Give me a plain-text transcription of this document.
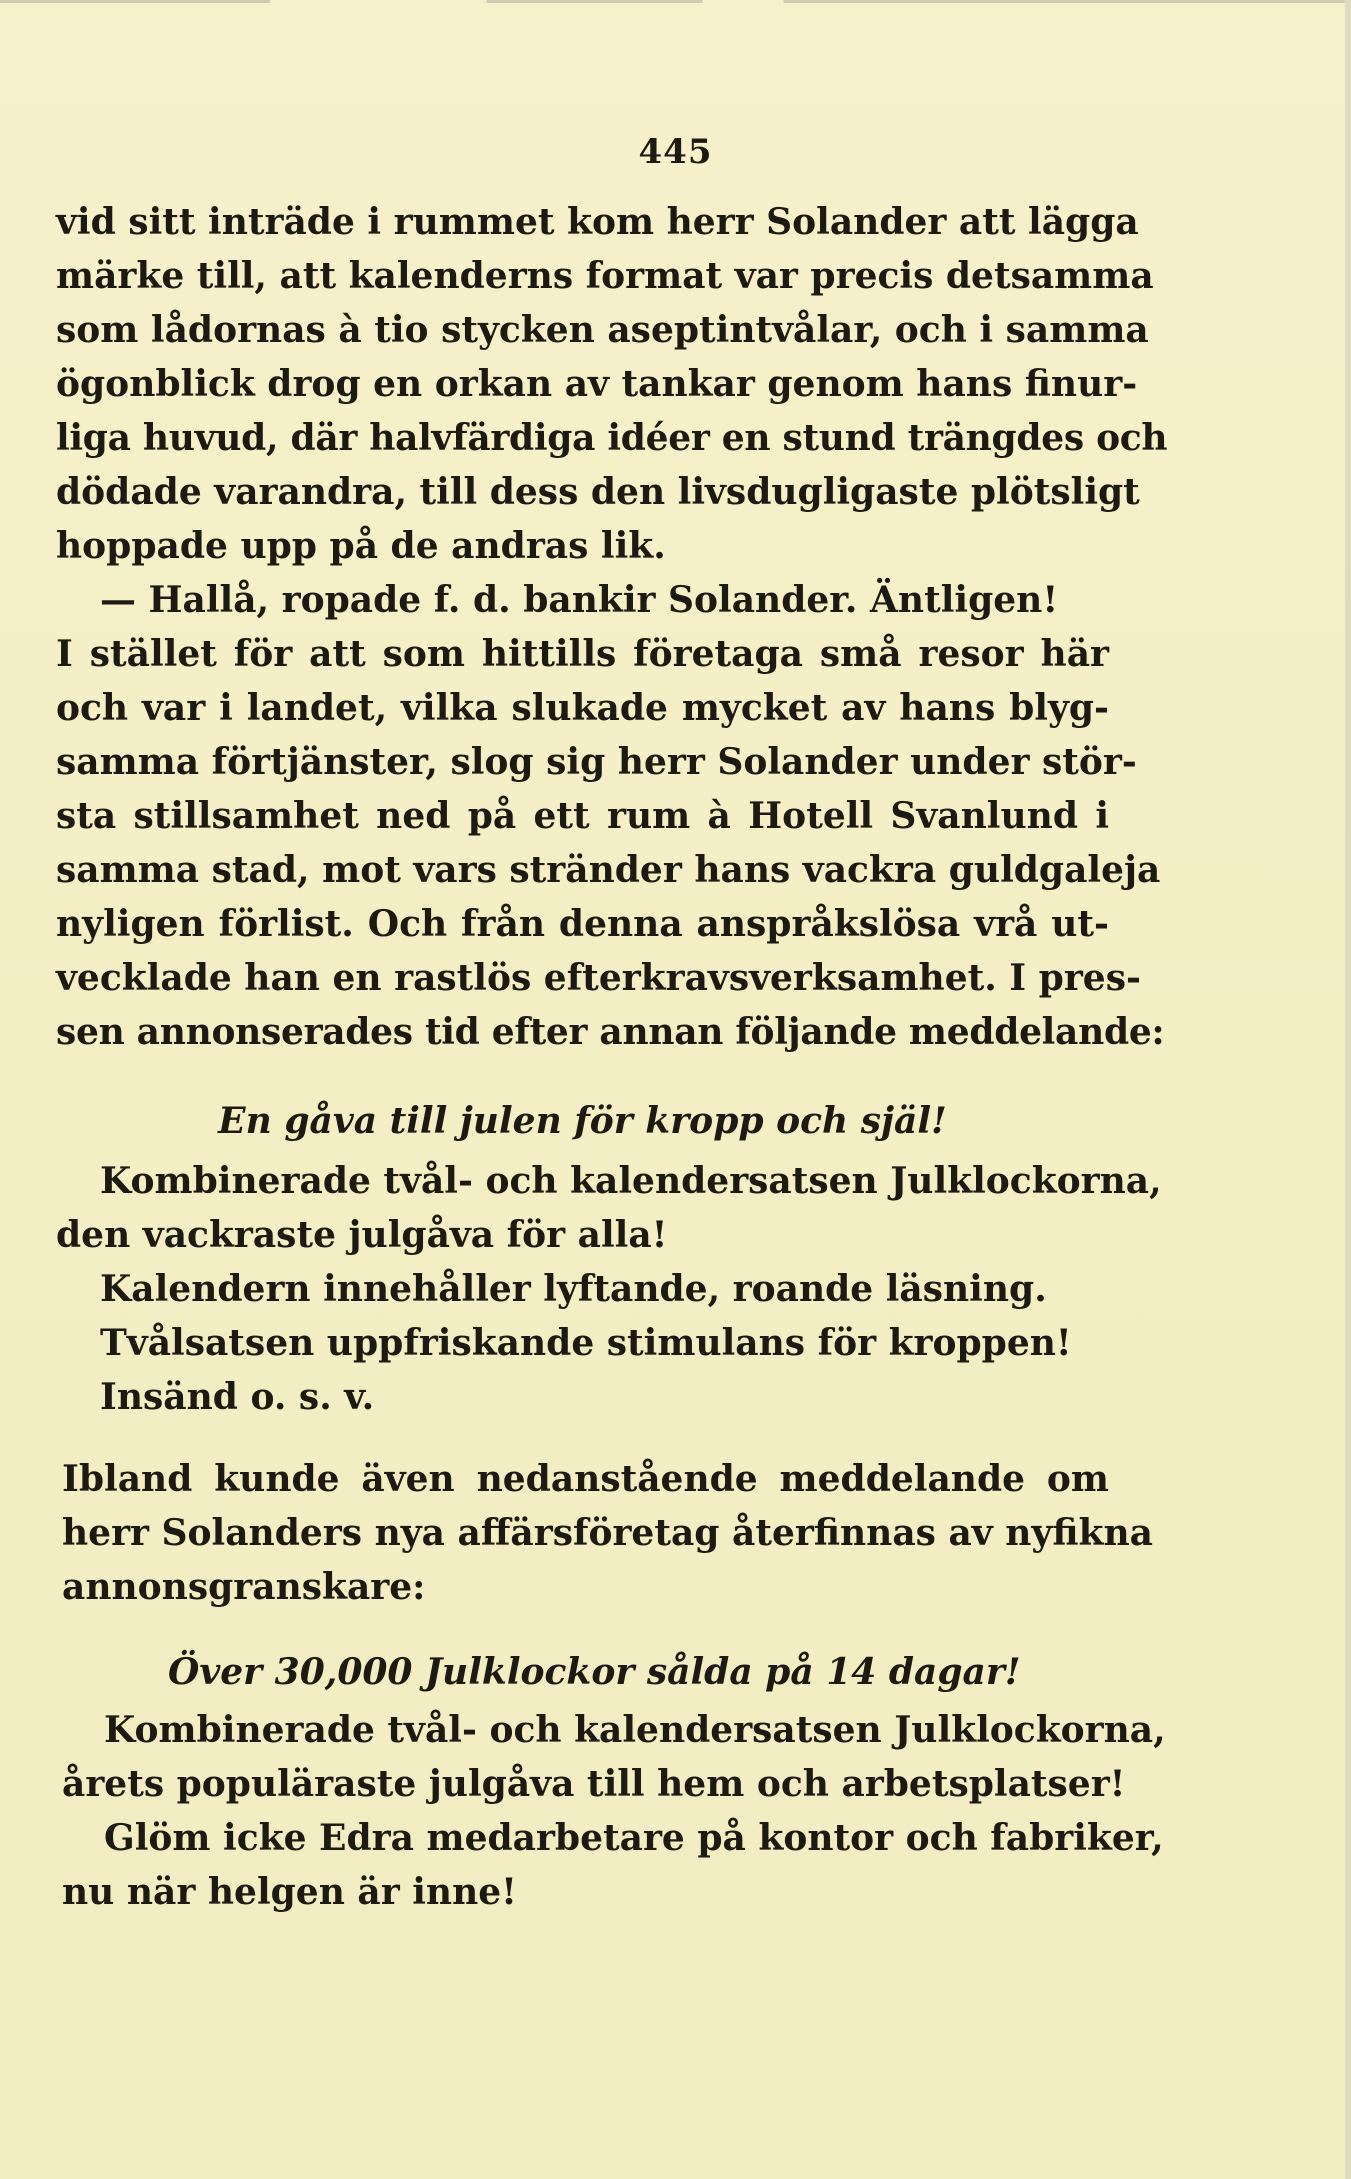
445
vid sitt inträde i rummet kom herr Solander att lägga
märke till, att kalenderns format var precis detsamma
som lådornas à tio stycken aseptintvålar, och i samma
ögonblick drog en orkan av tankar genom hans finur-
liga huvud, där halvfärdiga idéer en stund trängdes och
dödade varandra, till dess den livsdugligaste plötsligt
hoppade upp på de andras lik.
— Hallå, ropade f. d. bankir Solander. Äntligen!
I stället för att som hittills företaga små resor här
och var i landet, vilka slukade mycket av hans blyg-
samma förtjänster, slog sig herr Solander under stör-
sta stillsamhet ned på ett rum à Hotell Svanlund i
samma stad, mot vars stränder hans vackra guldgaleja
nyligen förlist. Och från denna anspråkslösa vrå ut-
vecklade han en rastlös efterkravsverksamhet. I pres-
sen annonserades tid efter annan följande meddelande:
En gåva till julen för kropp och själ!
Kombinerade tvål- och kalendersatsen Julklockorna,
den vackraste julgåva för alla!
Kalendern innehåller lyftande, roande läsning.
Tvålsatsen uppfriskande stimulans för kroppen!
Insänd o. s. v.
Ibland kunde även nedanstående meddelande om
herr Solanders nya affärsföretag återfinnas av nyfikna
annonsgranskare:
Över 30,000 Julklockor sålda på 14 dagar!
Kombinerade tvål- och kalendersatsen Julklockorna,
årets populäraste julgåva till hem och arbetsplatser!
Glöm icke Edra medarbetare på kontor och fabriker,
nu när helgen är inne!
